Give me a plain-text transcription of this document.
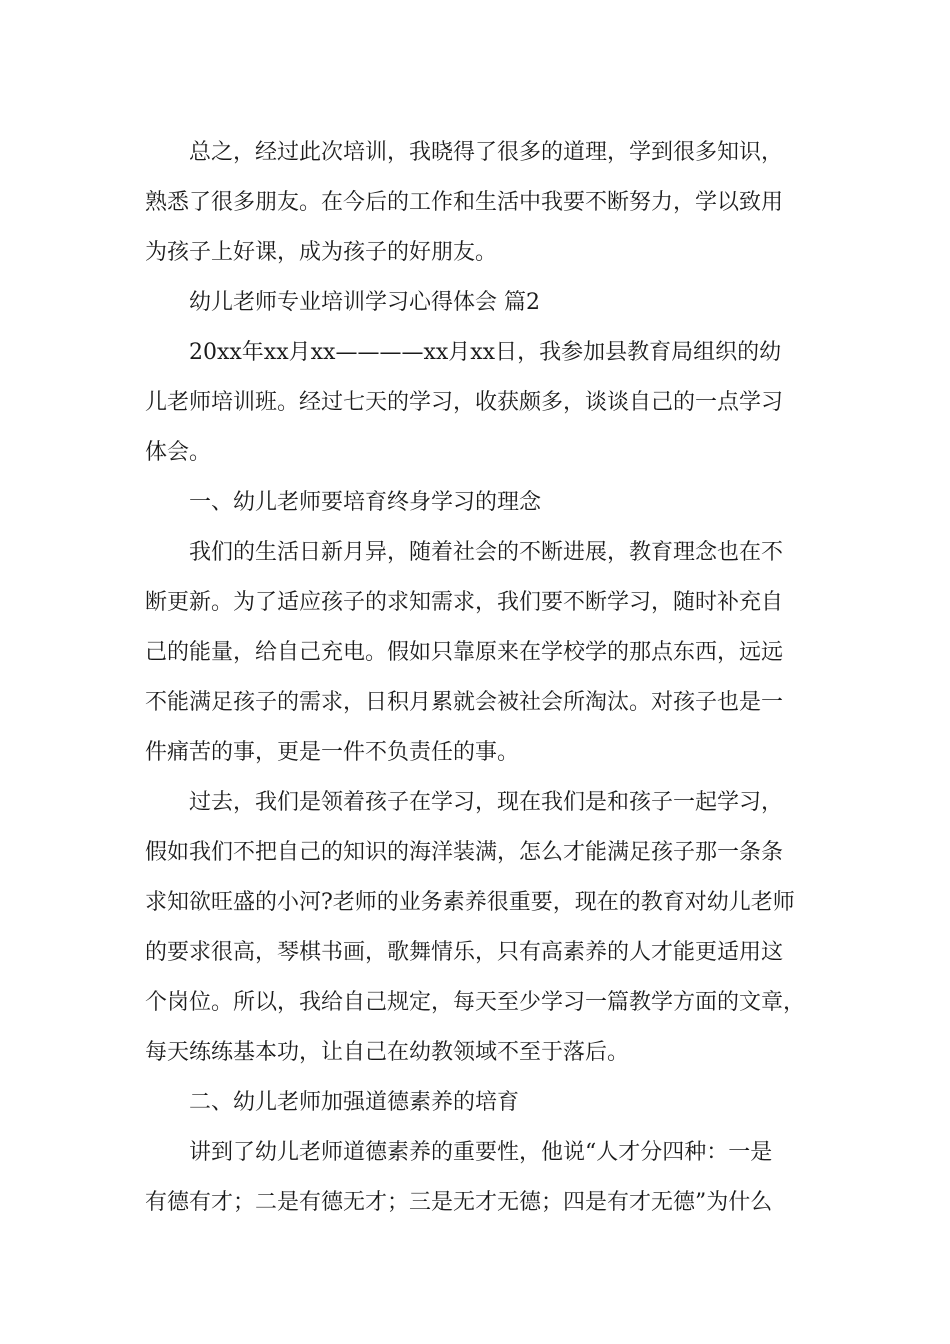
总之，经过此次培训，我晓得了很多的道理，学到很多知识，
熟悉了很多朋友。在今后的工作和生活中我要不断努力，学以致用
为孩子上好课，成为孩子的好朋友。

幼儿老师专业培训学习心得体会 篇2

20xx年xx月xx————xx月xx日，我参加县教育局组织的幼
儿老师培训班。经过七天的学习，收获颇多，谈谈自己的一点学习
体会。

一、幼儿老师要培育终身学习的理念

我们的生活日新月异，随着社会的不断进展，教育理念也在不
断更新。为了适应孩子的求知需求，我们要不断学习，随时补充自
己的能量，给自己充电。假如只靠原来在学校学的那点东西，远远
不能满足孩子的需求，日积月累就会被社会所淘汰。对孩子也是一
件痛苦的事，更是一件不负责任的事。

过去，我们是领着孩子在学习，现在我们是和孩子一起学习，
假如我们不把自己的知识的海洋装满，怎么才能满足孩子那一条条
求知欲旺盛的小河?老师的业务素养很重要，现在的教育对幼儿老师
的要求很高，琴棋书画，歌舞情乐，只有高素养的人才能更适用这
个岗位。所以，我给自己规定，每天至少学习一篇教学方面的文章，
每天练练基本功，让自己在幼教领域不至于落后。

二、幼儿老师加强道德素养的培育

讲到了幼儿老师道德素养的重要性，他说“人才分四种：一是
有德有才；二是有德无才；三是无才无德；四是有才无德”为什么
